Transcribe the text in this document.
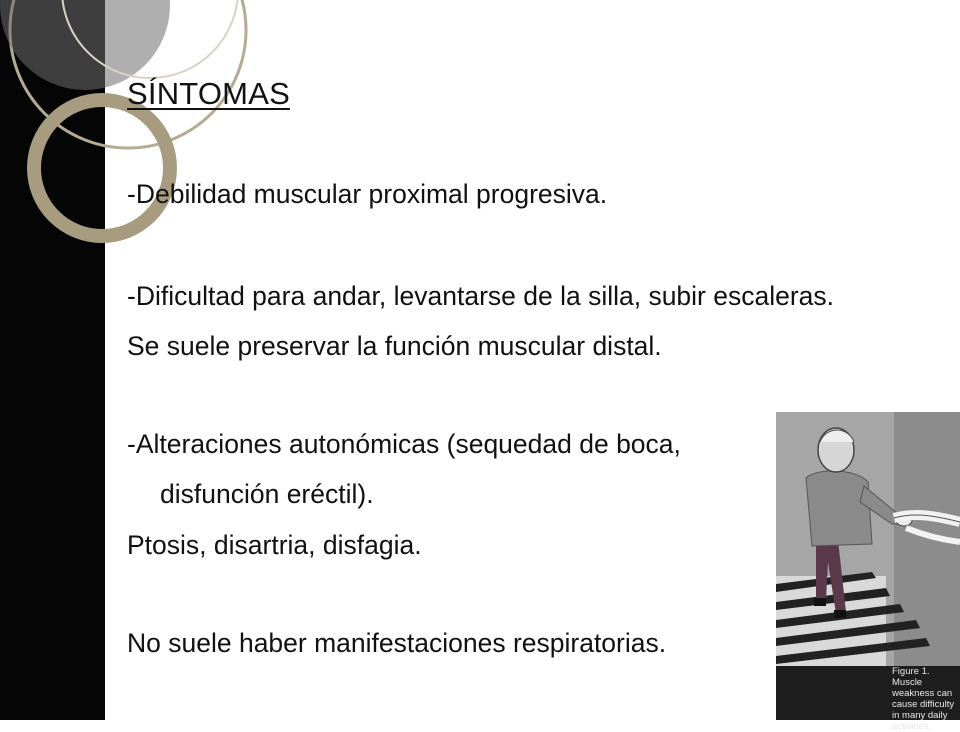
SÍNTOMAS
-Debilidad muscular proximal progresiva.
-Dificultad para andar, levantarse de la silla, subir escaleras.
Se suele preservar la función muscular distal.
-Alteraciones autonómicas (sequedad de boca,
disfunción eréctil).
Ptosis, disartria, disfagia.
No suele haber manifestaciones respiratorias.
Figure 1. Muscle weakness can cause difficulty in many daily activities.
